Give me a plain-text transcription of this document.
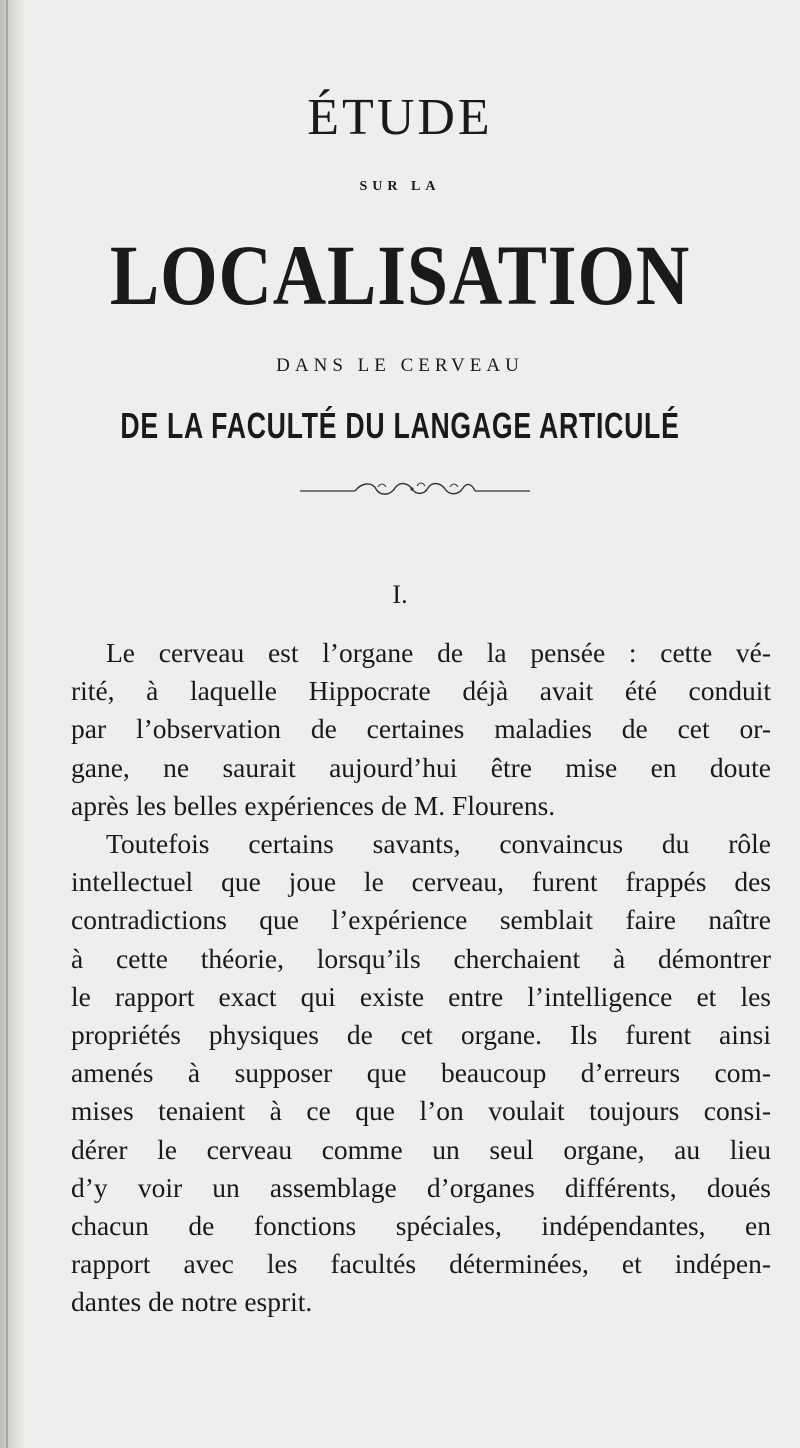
ÉTUDE
SUR LA
LOCALISATION
DANS LE CERVEAU
DE LA FACULTÉ DU LANGAGE ARTICULÉ
I.
Le cerveau est l’organe de la pensée : cette vé-
rité, à laquelle Hippocrate déjà avait été conduit
par l’observation de certaines maladies de cet or-
gane, ne saurait aujourd’hui être mise en doute
après les belles expériences de M. Flourens.
Toutefois certains savants, convaincus du rôle
intellectuel que joue le cerveau, furent frappés des
contradictions que l’expérience semblait faire naître
à cette théorie, lorsqu’ils cherchaient à démontrer
le rapport exact qui existe entre l’intelligence et les
propriétés physiques de cet organe. Ils furent ainsi
amenés à supposer que beaucoup d’erreurs com-
mises tenaient à ce que l’on voulait toujours consi-
dérer le cerveau comme un seul organe, au lieu
d’y voir un assemblage d’organes différents, doués
chacun de fonctions spéciales, indépendantes, en
rapport avec les facultés déterminées, et indépen-
dantes de notre esprit.
